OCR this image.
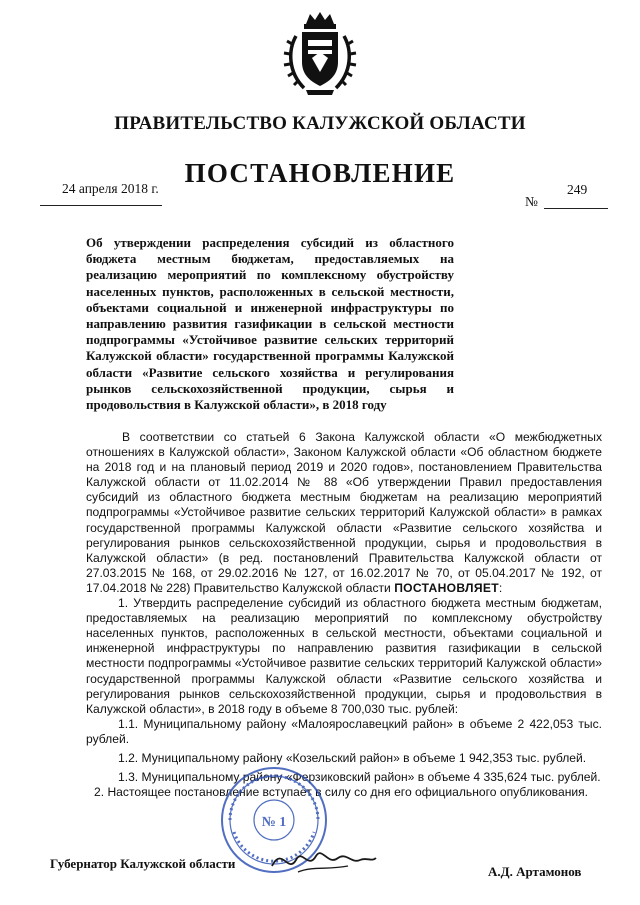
ПРАВИТЕЛЬСТВО КАЛУЖСКОЙ ОБЛАСТИ
ПОСТАНОВЛЕНИЕ
24 апреля 2018 г.	249
№
Об утверждении распределения субсидий из областного бюджета местным бюджетам, предоставляемых на реализацию мероприятий по комплексному обустройству населенных пунктов, расположенных в сельской местности, объектами социальной и инженерной инфраструктуры по направлению развития газификации в сельской местности подпрограммы «Устойчивое развитие сельских территорий Калужской области» государственной программы Калужской области «Развитие сельского хозяйства и регулирования рынков сельскохозяйственной продукции, сырья и продовольствия в Калужской области», в 2018 году

В соответствии со статьей 6 Закона Калужской области «О межбюджетных отношениях в Калужской области», Законом Калужской области «Об областном бюджете на 2018 год и на плановый период 2019 и 2020 годов», постановлением Правительства Калужской области от 11.02.2014 № 88 «Об утверждении Правил предоставления субсидий из областного бюджета местным бюджетам на реализацию мероприятий подпрограммы «Устойчивое развитие сельских территорий Калужской области» в рамках государственной программы Калужской области «Развитие сельского хозяйства и регулирования рынков сельскохозяйственной продукции, сырья и продовольствия в Калужской области» (в ред. постановлений Правительства Калужской области от 27.03.2015 № 168, от 29.02.2016 № 127, от 16.02.2017 № 70, от 05.04.2017 № 192, от 17.04.2018 № 228) Правительство Калужской области ПОСТАНОВЛЯЕТ:

1. Утвердить распределение субсидий из областного бюджета местным бюджетам, предоставляемых на реализацию мероприятий по комплексному обустройству населенных пунктов, расположенных в сельской местности, объектами социальной и инженерной инфраструктуры по направлению развития газификации в сельской местности подпрограммы «Устойчивое развитие сельских территорий Калужской области» государственной программы Калужской области «Развитие сельского хозяйства и регулирования рынков сельскохозяйственной продукции, сырья и продовольствия в Калужской области», в 2018 году в объеме 8 700,030 тыс. рублей:

1.1. Муниципальному району «Малоярославецкий район» в объеме 2 422,053 тыс. рублей.

1.2. Муниципальному району «Козельский район» в объеме 1 942,353 тыс. рублей.

1.3. Муниципальному району «Ферзиковский район» в объеме 4 335,624 тыс. рублей.

2. Настоящее постановление вступает в силу со дня его официального опубликования.

№ 1
Губернатор Калужской области
А.Д. Артамонов
